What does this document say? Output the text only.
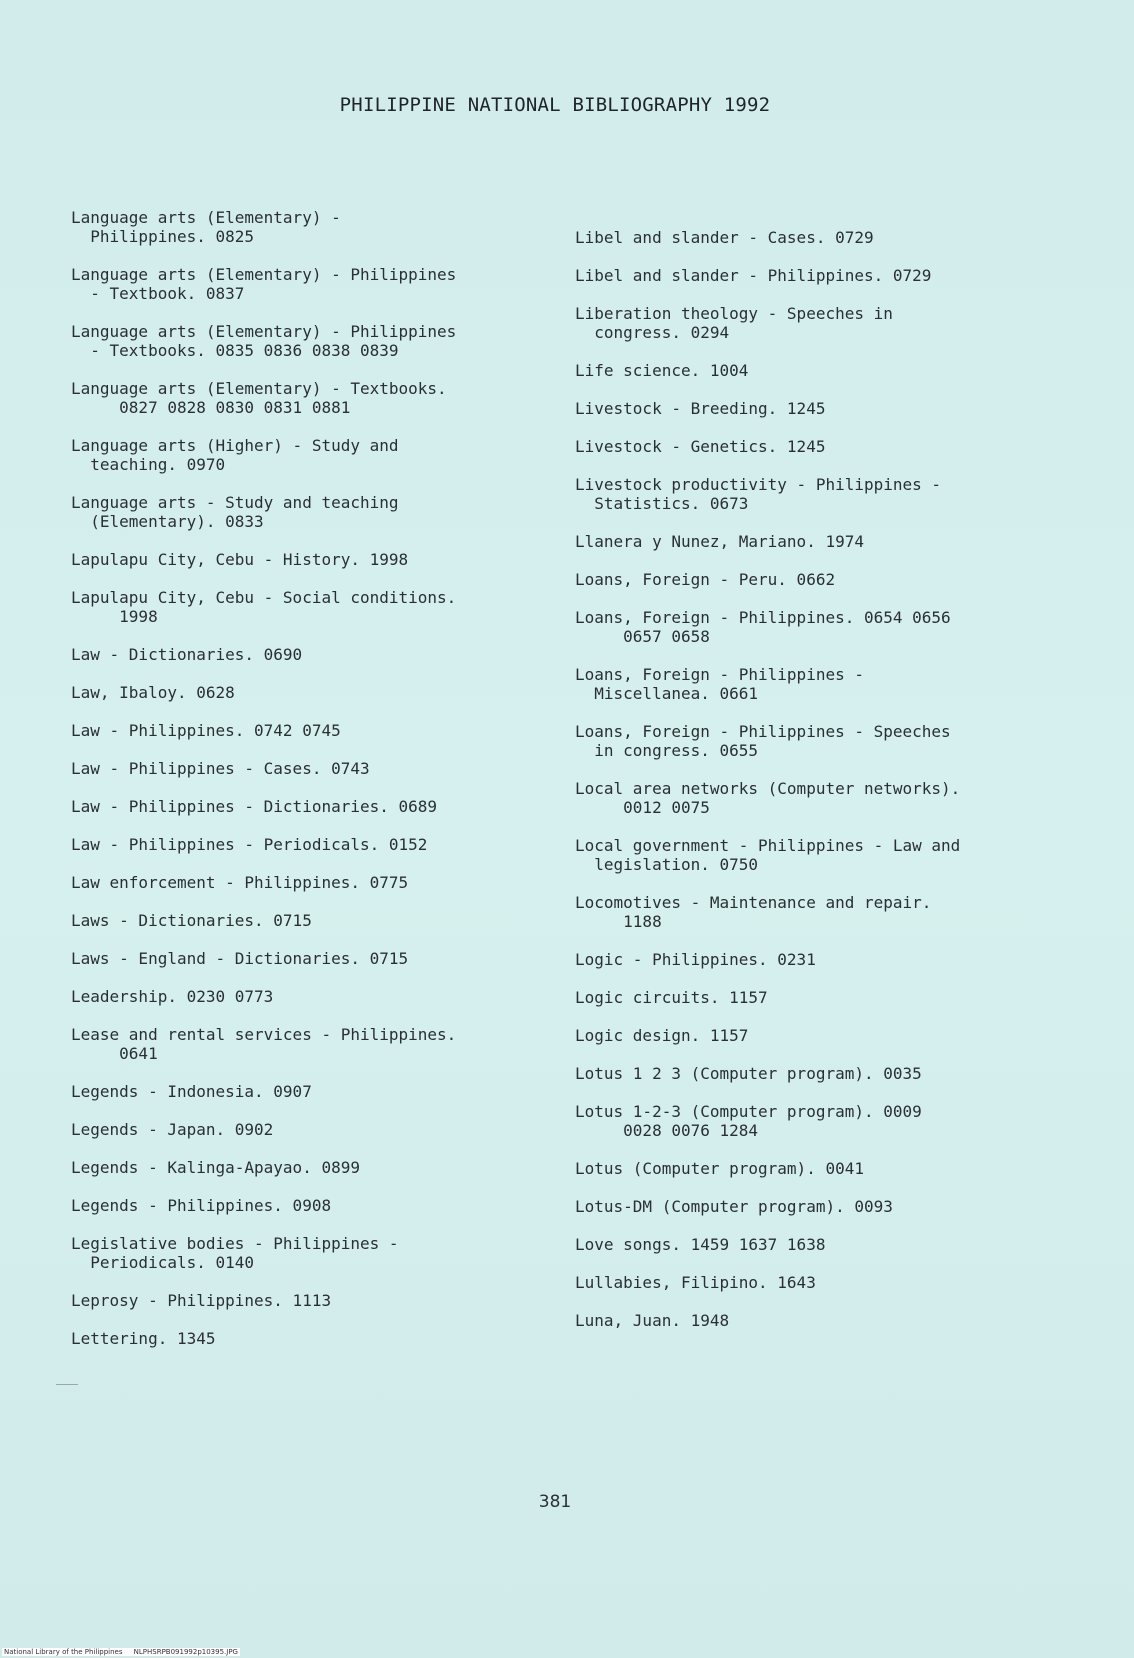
PHILIPPINE NATIONAL BIBLIOGRAPHY 1992
Language arts (Elementary) -
Philippines. 0825
Language arts (Elementary) - Philippines
- Textbook. 0837
Language arts (Elementary) - Philippines
- Textbooks. 0835 0836 0838 0839
Language arts (Elementary) - Textbooks.
0827 0828 0830 0831 0881
Language arts (Higher) - Study and
teaching. 0970
Language arts - Study and teaching
(Elementary). 0833
Lapulapu City, Cebu - History. 1998
Lapulapu City, Cebu - Social conditions.
1998
Law - Dictionaries. 0690
Law, Ibaloy. 0628
Law - Philippines. 0742 0745
Law - Philippines - Cases. 0743
Law - Philippines - Dictionaries. 0689
Law - Philippines - Periodicals. 0152
Law enforcement - Philippines. 0775
Laws - Dictionaries. 0715
Laws - England - Dictionaries. 0715
Leadership. 0230 0773
Lease and rental services - Philippines.
0641
Legends - Indonesia. 0907
Legends - Japan. 0902
Legends - Kalinga-Apayao. 0899
Legends - Philippines. 0908
Legislative bodies - Philippines -
Periodicals. 0140
Leprosy - Philippines. 1113
Lettering. 1345
Libel and slander - Cases. 0729
Libel and slander - Philippines. 0729
Liberation theology - Speeches in
congress. 0294
Life science. 1004
Livestock - Breeding. 1245
Livestock - Genetics. 1245
Livestock productivity - Philippines -
Statistics. 0673
Llanera y Nunez, Mariano. 1974
Loans, Foreign - Peru. 0662
Loans, Foreign - Philippines. 0654 0656
0657 0658
Loans, Foreign - Philippines -
Miscellanea. 0661
Loans, Foreign - Philippines - Speeches
in congress. 0655
Local area networks (Computer networks).
0012 0075
Local government - Philippines - Law and
legislation. 0750
Locomotives - Maintenance and repair.
1188
Logic - Philippines. 0231
Logic circuits. 1157
Logic design. 1157
Lotus 1 2 3 (Computer program). 0035
Lotus 1-2-3 (Computer program). 0009
0028 0076 1284
Lotus (Computer program). 0041
Lotus-DM (Computer program). 0093
Love songs. 1459 1637 1638
Lullabies, Filipino. 1643
Luna, Juan. 1948
381
National Library of the Philippines NLPHSRPB091992p10395.JPG
